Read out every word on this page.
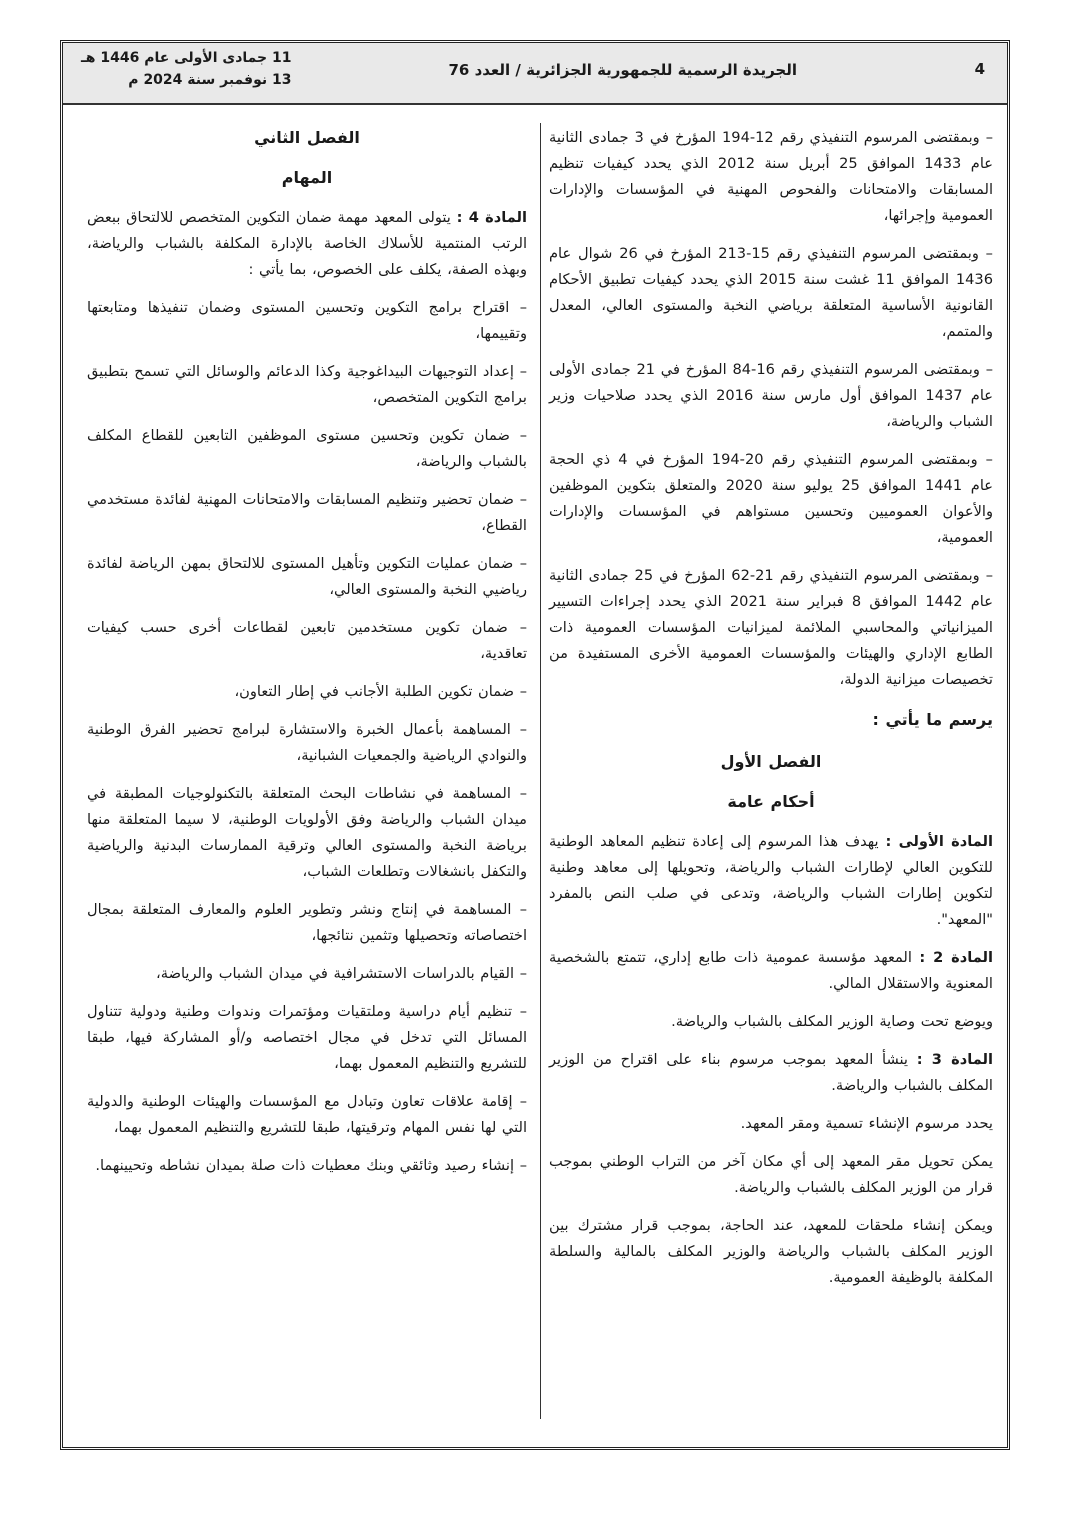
4
الجريدة الرسمية للجمهورية الجزائرية / العدد 76
11 جمادى الأولى عام 1446 هـ
13 نوفمبر سنة 2024 م

– وبمقتضى المرسوم التنفيذي رقم 12-194 المؤرخ في 3 جمادى الثانية عام 1433 الموافق 25 أبريل سنة 2012 الذي يحدد كيفيات تنظيم المسابقات والامتحانات والفحوص المهنية في المؤسسات والإدارات العمومية وإجرائها،

– وبمقتضى المرسوم التنفيذي رقم 15-213 المؤرخ في 26 شوال عام 1436 الموافق 11 غشت سنة 2015 الذي يحدد كيفيات تطبيق الأحكام القانونية الأساسية المتعلقة برياضي النخبة والمستوى العالي، المعدل والمتمم،

– وبمقتضى المرسوم التنفيذي رقم 16-84 المؤرخ في 21 جمادى الأولى عام 1437 الموافق أول مارس سنة 2016 الذي يحدد صلاحيات وزير الشباب والرياضة،

– وبمقتضى المرسوم التنفيذي رقم 20-194 المؤرخ في 4 ذي الحجة عام 1441 الموافق 25 يوليو سنة 2020 والمتعلق بتكوين الموظفين والأعوان العموميين وتحسين مستواهم في المؤسسات والإدارات العمومية،

– وبمقتضى المرسوم التنفيذي رقم 21-62 المؤرخ في 25 جمادى الثانية عام 1442 الموافق 8 فبراير سنة 2021 الذي يحدد إجراءات التسيير الميزانياتي والمحاسبي الملائمة لميزانيات المؤسسات العمومية ذات الطابع الإداري والهيئات والمؤسسات العمومية الأخرى المستفيدة من تخصيصات ميزانية الدولة،

يرسم ما يأتي :
الفصل الأول
أحكام عامة

المادة الأولى : يهدف هذا المرسوم إلى إعادة تنظيم المعاهد الوطنية للتكوين العالي لإطارات الشباب والرياضة، وتحويلها إلى معاهد وطنية لتكوين إطارات الشباب والرياضة، وتدعى في صلب النص بالمفرد "المعهد".

المادة 2 : المعهد مؤسسة عمومية ذات طابع إداري، تتمتع بالشخصية المعنوية والاستقلال المالي.

ويوضع تحت وصاية الوزير المكلف بالشباب والرياضة.

المادة 3 : ينشأ المعهد بموجب مرسوم بناء على اقتراح من الوزير المكلف بالشباب والرياضة.

يحدد مرسوم الإنشاء تسمية ومقر المعهد.

يمكن تحويل مقر المعهد إلى أي مكان آخر من التراب الوطني بموجب قرار من الوزير المكلف بالشباب والرياضة.

ويمكن إنشاء ملحقات للمعهد، عند الحاجة، بموجب قرار مشترك بين الوزير المكلف بالشباب والرياضة والوزير المكلف بالمالية والسلطة المكلفة بالوظيفة العمومية.

الفصل الثاني
المهام

المادة 4 : يتولى المعهد مهمة ضمان التكوين المتخصص للالتحاق ببعض الرتب المنتمية للأسلاك الخاصة بالإدارة المكلفة بالشباب والرياضة، وبهذه الصفة، يكلف على الخصوص، بما يأتي :

– اقتراح برامج التكوين وتحسين المستوى وضمان تنفيذها ومتابعتها وتقييمها،

– إعداد التوجيهات البيداغوجية وكذا الدعائم والوسائل التي تسمح بتطبيق برامج التكوين المتخصص،

– ضمان تكوين وتحسين مستوى الموظفين التابعين للقطاع المكلف بالشباب والرياضة،

– ضمان تحضير وتنظيم المسابقات والامتحانات المهنية لفائدة مستخدمي القطاع،

– ضمان عمليات التكوين وتأهيل المستوى للالتحاق بمهن الرياضة لفائدة رياضيي النخبة والمستوى العالي،

– ضمان تكوين مستخدمين تابعين لقطاعات أخرى حسب كيفيات تعاقدية،

– ضمان تكوين الطلبة الأجانب في إطار التعاون،

– المساهمة بأعمال الخبرة والاستشارة لبرامج تحضير الفرق الوطنية والنوادي الرياضية والجمعيات الشبانية،

– المساهمة في نشاطات البحث المتعلقة بالتكنولوجيات المطبقة في ميدان الشباب والرياضة وفق الأولويات الوطنية، لا سيما المتعلقة منها برياضة النخبة والمستوى العالي وترقية الممارسات البدنية والرياضية والتكفل بانشغالات وتطلعات الشباب،

– المساهمة في إنتاج ونشر وتطوير العلوم والمعارف المتعلقة بمجال اختصاصاته وتحصيلها وتثمين نتائجها،

– القيام بالدراسات الاستشرافية في ميدان الشباب والرياضة،

– تنظيم أيام دراسية وملتقيات ومؤتمرات وندوات وطنية ودولية تتناول المسائل التي تدخل في مجال اختصاصه و/أو المشاركة فيها، طبقا للتشريع والتنظيم المعمول بهما،

– إقامة علاقات تعاون وتبادل مع المؤسسات والهيئات الوطنية والدولية التي لها نفس المهام وترقيتها، طبقا للتشريع والتنظيم المعمول بهما،

– إنشاء رصيد وثائقي وبنك معطيات ذات صلة بميدان نشاطه وتحيينهما.
